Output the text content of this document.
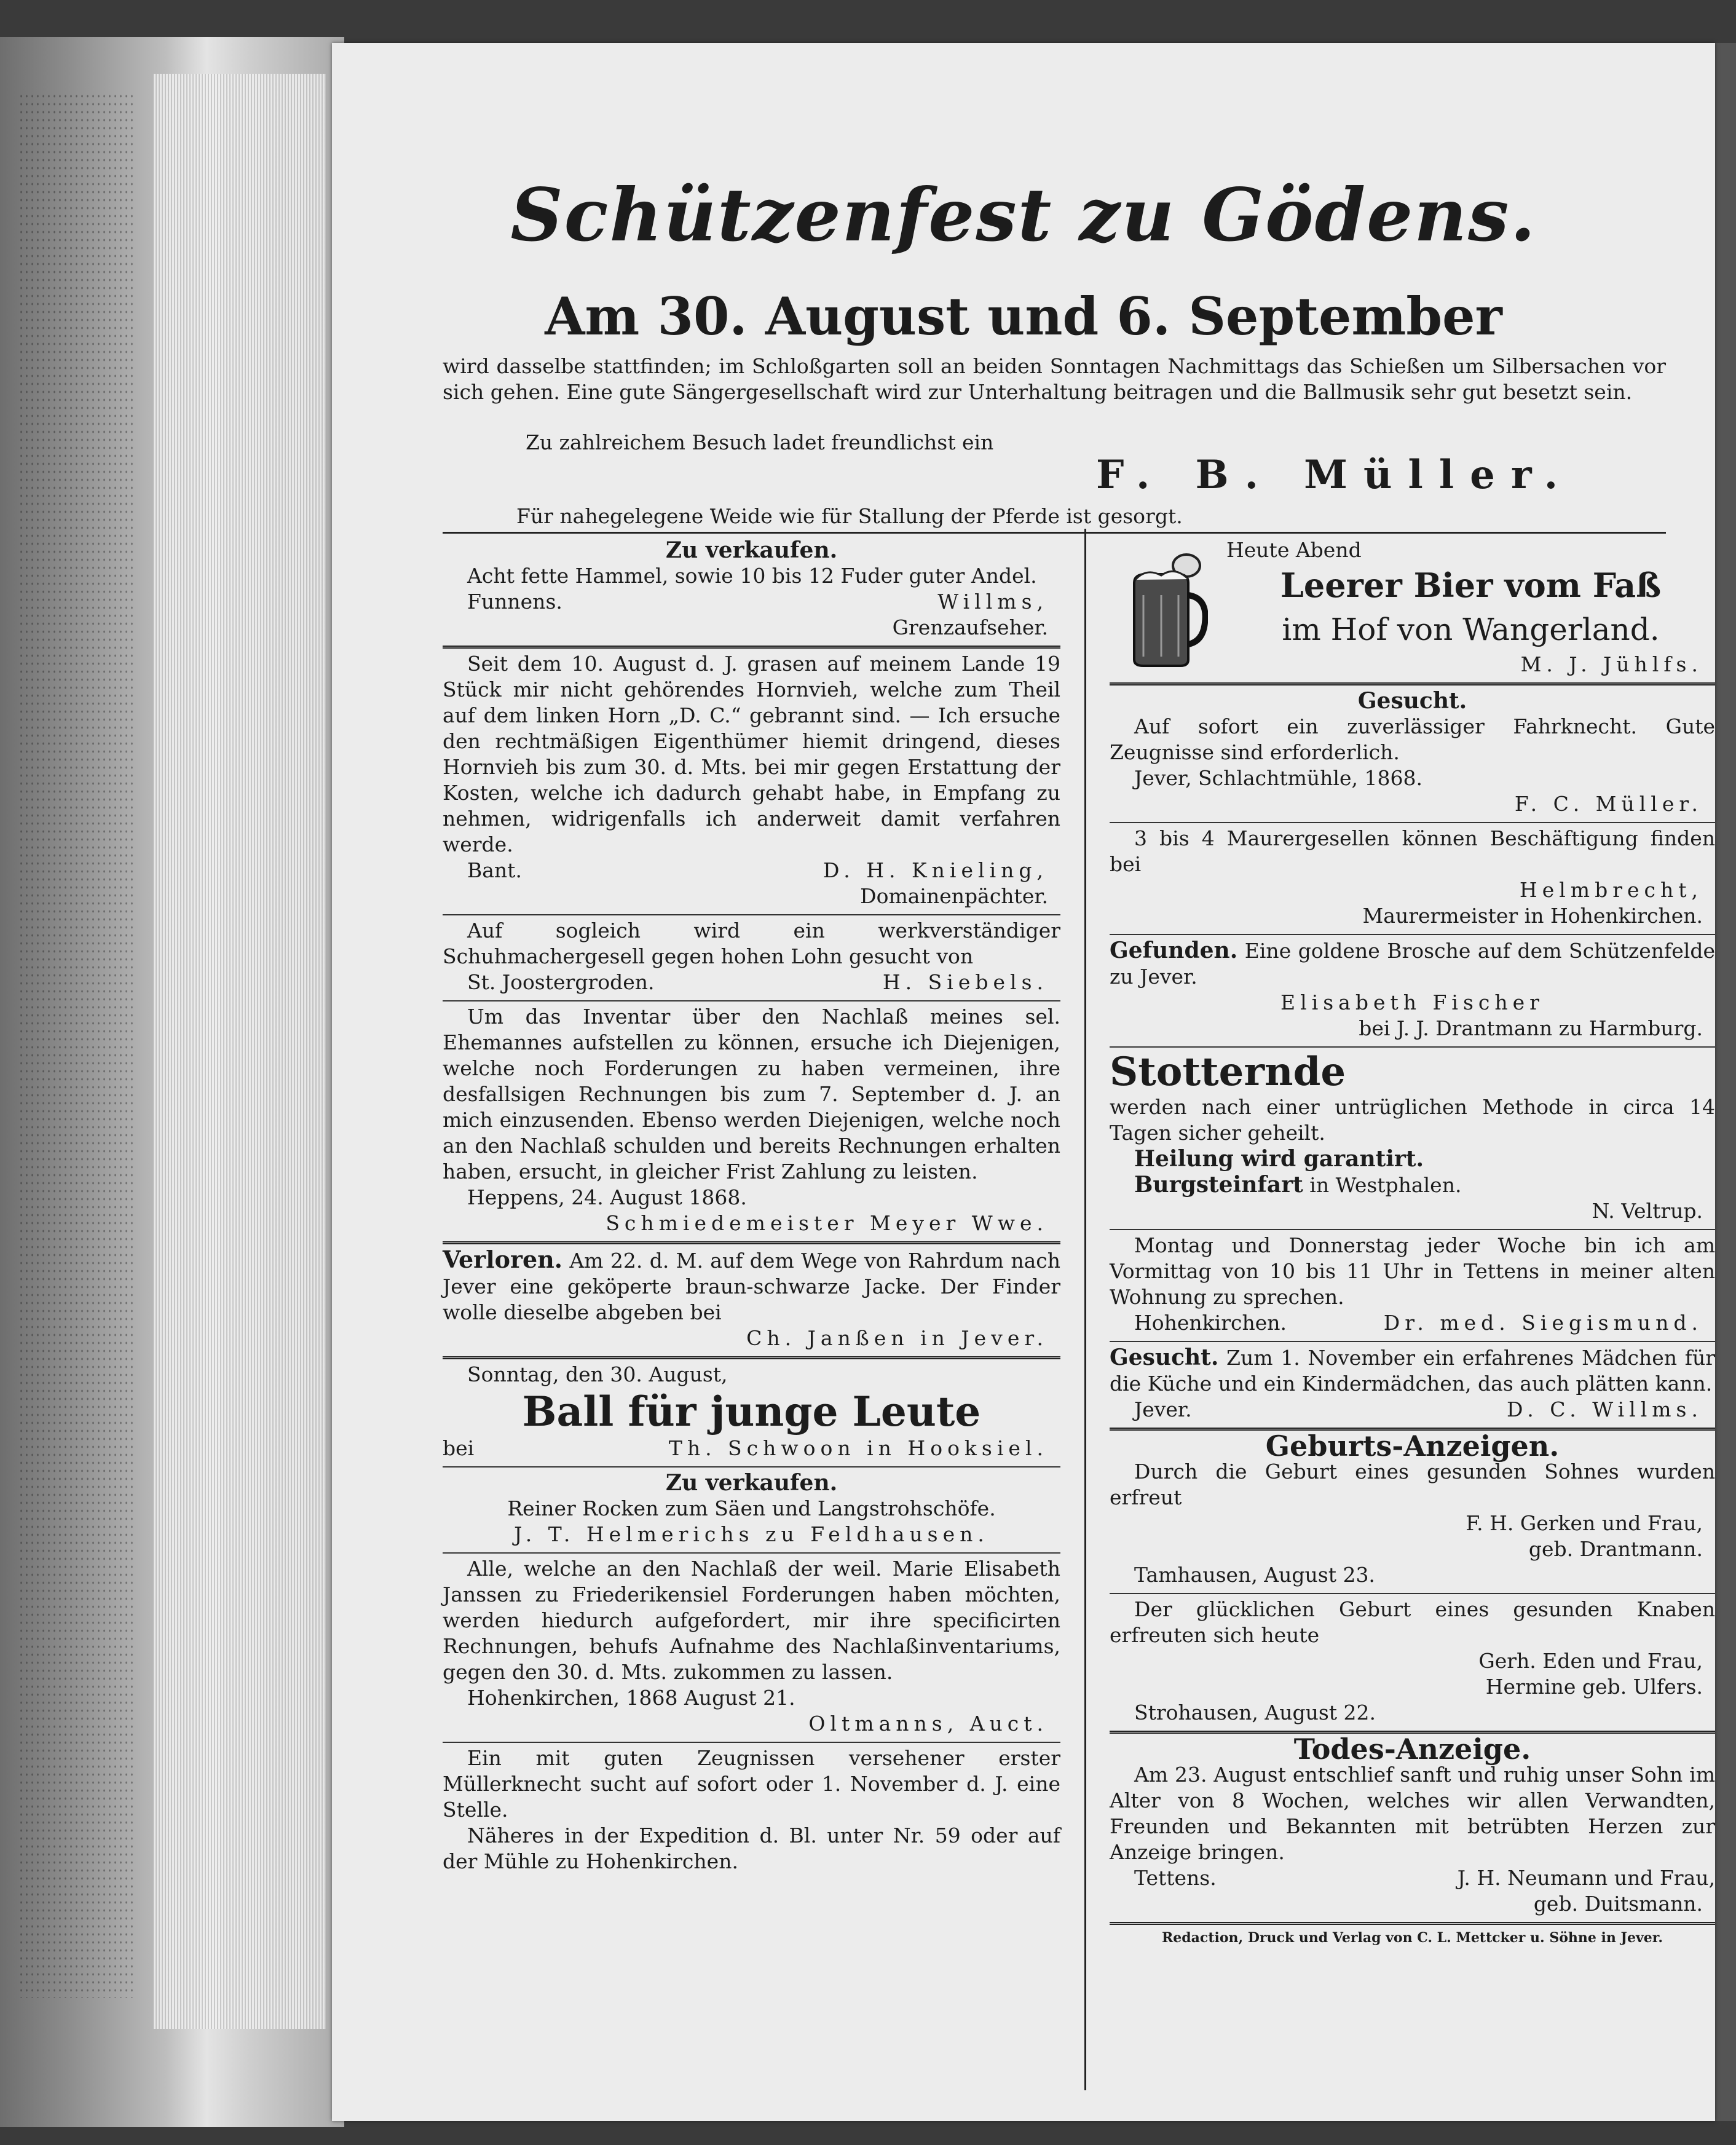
Schützenfest zu Gödens.
Am 30. August und 6. September

wird dasselbe stattfinden; im Schloßgarten soll an beiden Sonntagen Nachmittags das Schießen um Silbersachen vor sich gehen. Eine gute Sängergesellschaft wird zur Unterhaltung beitragen und die Ballmusik sehr gut besetzt sein.

Zu zahlreichem Besuch ladet freundlichst ein

F. B. Müller.

Für nahegelegene Weide wie für Stallung der Pferde ist gesorgt.

Zu verkaufen.

Acht fette Hammel, sowie 10 bis 12 Fuder guter Andel.

Funnens.	Willms,

Grenzaufseher.

Seit dem 10. August d. J. grasen auf meinem Lande 19 Stück mir nicht gehörendes Hornvieh, welche zum Theil auf dem linken Horn „D. C.“ gebrannt sind. — Ich ersuche den rechtmäßigen Eigenthümer hiemit dringend, dieses Hornvieh bis zum 30. d. Mts. bei mir gegen Erstattung der Kosten, welche ich dadurch gehabt habe, in Empfang zu nehmen, widrigenfalls ich anderweit damit verfahren werde.

Bant.	D. H. Knieling,

Domainenpächter.

Auf sogleich wird ein werkverständiger Schuhmachergesell gegen hohen Lohn gesucht von

St. Joostergroden.	H. Siebels.

Um das Inventar über den Nachlaß meines sel. Ehemannes aufstellen zu können, ersuche ich Diejenigen, welche noch Forderungen zu haben vermeinen, ihre desfallsigen Rechnungen bis zum 7. September d. J. an mich einzusenden. Ebenso werden Diejenigen, welche noch an den Nachlaß schulden und bereits Rechnungen erhalten haben, ersucht, in gleicher Frist Zahlung zu leisten.

Heppens, 24. August 1868.

Schmiedemeister Meyer Wwe.

Verloren. Am 22. d. M. auf dem Wege von Rahrdum nach Jever eine geköperte braun-schwarze Jacke. Der Finder wolle dieselbe abgeben bei

Ch. Janßen in Jever.

Sonntag, den 30. August,

Ball für junge Leute

bei	Th. Schwoon in Hooksiel.

Zu verkaufen.

Reiner Rocken zum Säen und Langstrohschöfe.

J. T. Helmerichs zu Feldhausen.

Alle, welche an den Nachlaß der weil. Marie Elisabeth Janssen zu Friederikensiel Forderungen haben möchten, werden hiedurch aufgefordert, mir ihre specificirten Rechnungen, behufs Aufnahme des Nachlaßinventariums, gegen den 30. d. Mts. zukommen zu lassen.

Hohenkirchen, 1868 August 21.

Oltmanns, Auct.

Ein mit guten Zeugnissen versehener erster Müllerknecht sucht auf sofort oder 1. November d. J. eine Stelle.

Näheres in der Expedition d. Bl. unter Nr. 59 oder auf der Mühle zu Hohenkirchen.

Heute Abend

Leerer Bier vom Faß

im Hof von Wangerland.

M. J. Jühlfs.

Gesucht.

Auf sofort ein zuverlässiger Fahrknecht. Gute Zeugnisse sind erforderlich.

Jever, Schlachtmühle, 1868.

F. C. Müller.

3 bis 4 Maurergesellen können Beschäftigung finden bei

Helmbrecht,

Maurermeister in Hohenkirchen.

Gefunden. Eine goldene Brosche auf dem Schützenfelde zu Jever.

Elisabeth Fischer

bei J. J. Drantmann zu Harmburg.

Stotternde

werden nach einer untrüglichen Methode in circa 14 Tagen sicher geheilt.

Heilung wird garantirt.

Burgsteinfart in Westphalen.

N. Veltrup.

Montag und Donnerstag jeder Woche bin ich am Vormittag von 10 bis 11 Uhr in Tettens in meiner alten Wohnung zu sprechen.

Hohenkirchen.	Dr. med. Siegismund.

Gesucht. Zum 1. November ein erfahrenes Mädchen für die Küche und ein Kindermädchen, das auch plätten kann.

Jever.	D. C. Willms.

Geburts-Anzeigen.

Durch die Geburt eines gesunden Sohnes wurden erfreut

F. H. Gerken und Frau,

geb. Drantmann.

Tamhausen, August 23.

Der glücklichen Geburt eines gesunden Knaben erfreuten sich heute

Gerh. Eden und Frau,

Hermine geb. Ulfers.

Strohausen, August 22.

Todes-Anzeige.

Am 23. August entschlief sanft und ruhig unser Sohn im Alter von 8 Wochen, welches wir allen Verwandten, Freunden und Bekannten mit betrübten Herzen zur Anzeige bringen.

Tettens.	J. H. Neumann und Frau,

geb. Duitsmann.

Redaction, Druck und Verlag von C. L. Mettcker u. Söhne in Jever.
